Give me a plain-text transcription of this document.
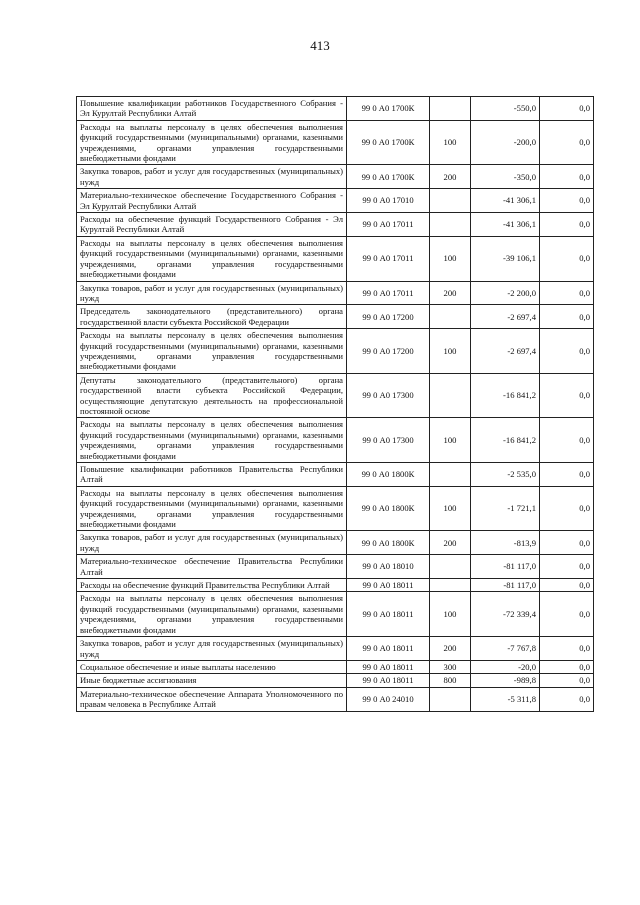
413
Повышение квалификации работников Государственного Собрания - Эл Курултай Республики Алтай	99 0 А0 1700К		-550,0	0,0
Расходы на выплаты персоналу в целях обеспечения выполнения функций государственными (муниципальными) органами, казенными учреждениями, органами управления государственными внебюджетными фондами	99 0 А0 1700К	100	-200,0	0,0
Закупка товаров, работ и услуг для государственных (муниципальных) нужд	99 0 А0 1700К	200	-350,0	0,0
Материально-техническое обеспечение Государственного Собрания - Эл Курултай Республики Алтай	99 0 А0 17010		-41 306,1	0,0
Расходы на обеспечение функций Государственного Собрания - Эл Курултай Республики Алтай	99 0 А0 17011		-41 306,1	0,0
Расходы на выплаты персоналу в целях обеспечения выполнения функций государственными (муниципальными) органами, казенными учреждениями, органами управления государственными внебюджетными фондами	99 0 А0 17011	100	-39 106,1	0,0
Закупка товаров, работ и услуг для государственных (муниципальных) нужд	99 0 А0 17011	200	-2 200,0	0,0
Председатель законодательного (представительного) органа государственной власти субъекта Российской Федерации	99 0 А0 17200		-2 697,4	0,0
Расходы на выплаты персоналу в целях обеспечения выполнения функций государственными (муниципальными) органами, казенными учреждениями, органами управления государственными внебюджетными фондами	99 0 А0 17200	100	-2 697,4	0,0
Депутаты законодательного (представительного) органа государственной власти субъекта Российской Федерации, осуществляющие депутатскую деятельность на профессиональной постоянной основе	99 0 А0 17300		-16 841,2	0,0
Расходы на выплаты персоналу в целях обеспечения выполнения функций государственными (муниципальными) органами, казенными учреждениями, органами управления государственными внебюджетными фондами	99 0 А0 17300	100	-16 841,2	0,0
Повышение квалификации работников Правительства Республики Алтай	99 0 А0 1800К		-2 535,0	0,0
Расходы на выплаты персоналу в целях обеспечения выполнения функций государственными (муниципальными) органами, казенными учреждениями, органами управления государственными внебюджетными фондами	99 0 А0 1800К	100	-1 721,1	0,0
Закупка товаров, работ и услуг для государственных (муниципальных) нужд	99 0 А0 1800К	200	-813,9	0,0
Материально-техническое обеспечение Правительства Республики Алтай	99 0 А0 18010		-81 117,0	0,0
Расходы на обеспечение функций Правительства Республики Алтай	99 0 А0 18011		-81 117,0	0,0
Расходы на выплаты персоналу в целях обеспечения выполнения функций государственными (муниципальными) органами, казенными учреждениями, органами управления государственными внебюджетными фондами	99 0 А0 18011	100	-72 339,4	0,0
Закупка товаров, работ и услуг для государственных (муниципальных) нужд	99 0 А0 18011	200	-7 767,8	0,0
Социальное обеспечение и иные выплаты населению	99 0 А0 18011	300	-20,0	0,0
Иные бюджетные ассигнования	99 0 А0 18011	800	-989,8	0,0
Материально-техническое обеспечение Аппарата Уполномоченного по правам человека в Республике Алтай	99 0 А0 24010		-5 311,8	0,0
